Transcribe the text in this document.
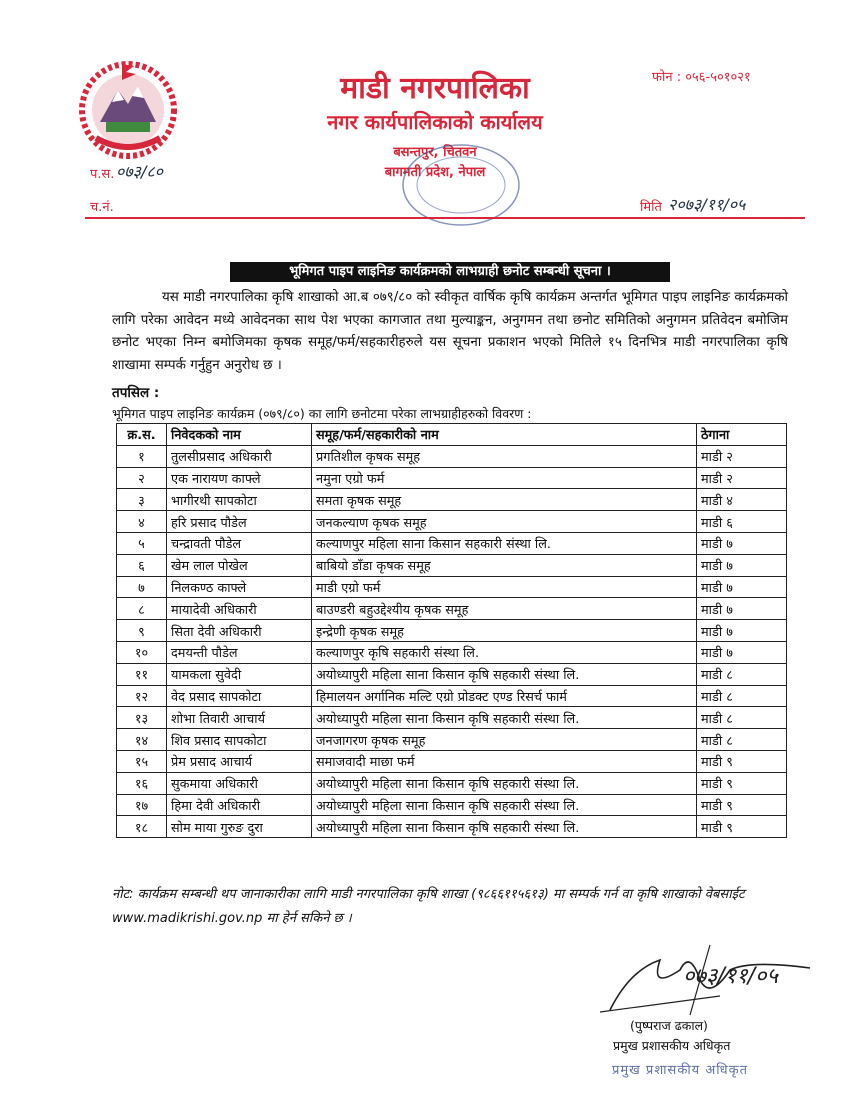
माडी नगरपालिका
नगर कार्यपालिकाको कार्यालय
बसन्तपुर, चितवन
बागमती प्रदेश, नेपाल
फोन : ०५६-५०१०२१
प.स. ०७३/८०
च.नं.	मिति २०७३/११/०५
भूमिगत पाइप लाइनिङ कार्यक्रमको लाभग्राही छनोट सम्बन्धी सूचना ।

यस माडी नगरपालिका कृषि शाखाको आ.ब ०७९/८० को स्वीकृत वार्षिक कृषि कार्यक्रम अन्तर्गत भूमिगत पाइप लाइनिङ कार्यक्रमको लागि परेका आवेदन मध्ये आवेदनका साथ पेश भएका कागजात तथा मुल्याङ्कन, अनुगमन तथा छनोट समितिको अनुगमन प्रतिवेदन बमोजिम छनोट भएका निम्न बमोजिमका कृषक समूह/फर्म/सहकारीहरुले यस सूचना प्रकाशन भएको मितिले १५ दिनभित्र माडी नगरपालिका कृषि शाखामा सम्पर्क गर्नुहुन अनुरोध छ ।

तपसिल :
भूमिगत पाइप लाइनिङ कार्यक्रम (०७९/८०) का लागि छनोटमा परेका लाभग्राहीहरुको विवरण :
क्र.स.	निवेदकको नाम	समूह/फर्म/सहकारीको नाम	ठेगाना
१	तुलसीप्रसाद अधिकारी	प्रगतिशील कृषक समूह	माडी २
२	एक नारायण काफ्ले	नमुना एग्रो फर्म	माडी २
३	भागीरथी सापकोटा	समता कृषक समूह	माडी ४
४	हरि प्रसाद पौडेल	जनकल्याण कृषक समूह	माडी ६
५	चन्द्रावती पौडेल	कल्याणपुर महिला साना किसान सहकारी संस्था लि.	माडी ७
६	खेम लाल पोखेल	बाबियो डाँडा कृषक समूह	माडी ७
७	निलकण्ठ काफ्ले	माडी एग्रो फर्म	माडी ७
८	मायादेवी अधिकारी	बाउण्डरी बहुउद्देश्यीय कृषक समूह	माडी ७
९	सिता देवी अधिकारी	इन्द्रेणी कृषक समूह	माडी ७
१०	दमयन्ती पौडेल	कल्याणपुर कृषि सहकारी संस्था लि.	माडी ७
११	यामकला सुवेदी	अयोध्यापुरी महिला साना किसान कृषि सहकारी संस्था लि.	माडी ८
१२	वेद प्रसाद सापकोटा	हिमालयन अर्गानिक मल्टि एग्रो प्रोडक्ट एण्ड रिसर्च फार्म	माडी ८
१३	शोभा तिवारी आचार्य	अयोध्यापुरी महिला साना किसान कृषि सहकारी संस्था लि.	माडी ८
१४	शिव प्रसाद सापकोटा	जनजागरण कृषक समूह	माडी ८
१५	प्रेम प्रसाद आचार्य	समाजवादी माछा फर्म	माडी ९
१६	सुकमाया अधिकारी	अयोध्यापुरी महिला साना किसान कृषि सहकारी संस्था लि.	माडी ९
१७	हिमा देवी अधिकारी	अयोध्यापुरी महिला साना किसान कृषि सहकारी संस्था लि.	माडी ९
१८	सोम माया गुरुङ दुरा	अयोध्यापुरी महिला साना किसान कृषि सहकारी संस्था लि.	माडी ९
नोट: कार्यक्रम सम्बन्धी थप जानाकारीका लागि माडी नगरपालिका कृषि शाखा (९८६६११५६१३) मा सम्पर्क गर्न वा कृषि शाखाको वेबसाईट www.madikrishi.gov.np मा हेर्न सकिने छ ।
०७३/११/०५
(पुष्पराज ढकाल)
प्रमुख प्रशासकीय अधिकृत
प्रमुख प्रशासकीय अधिकृत
